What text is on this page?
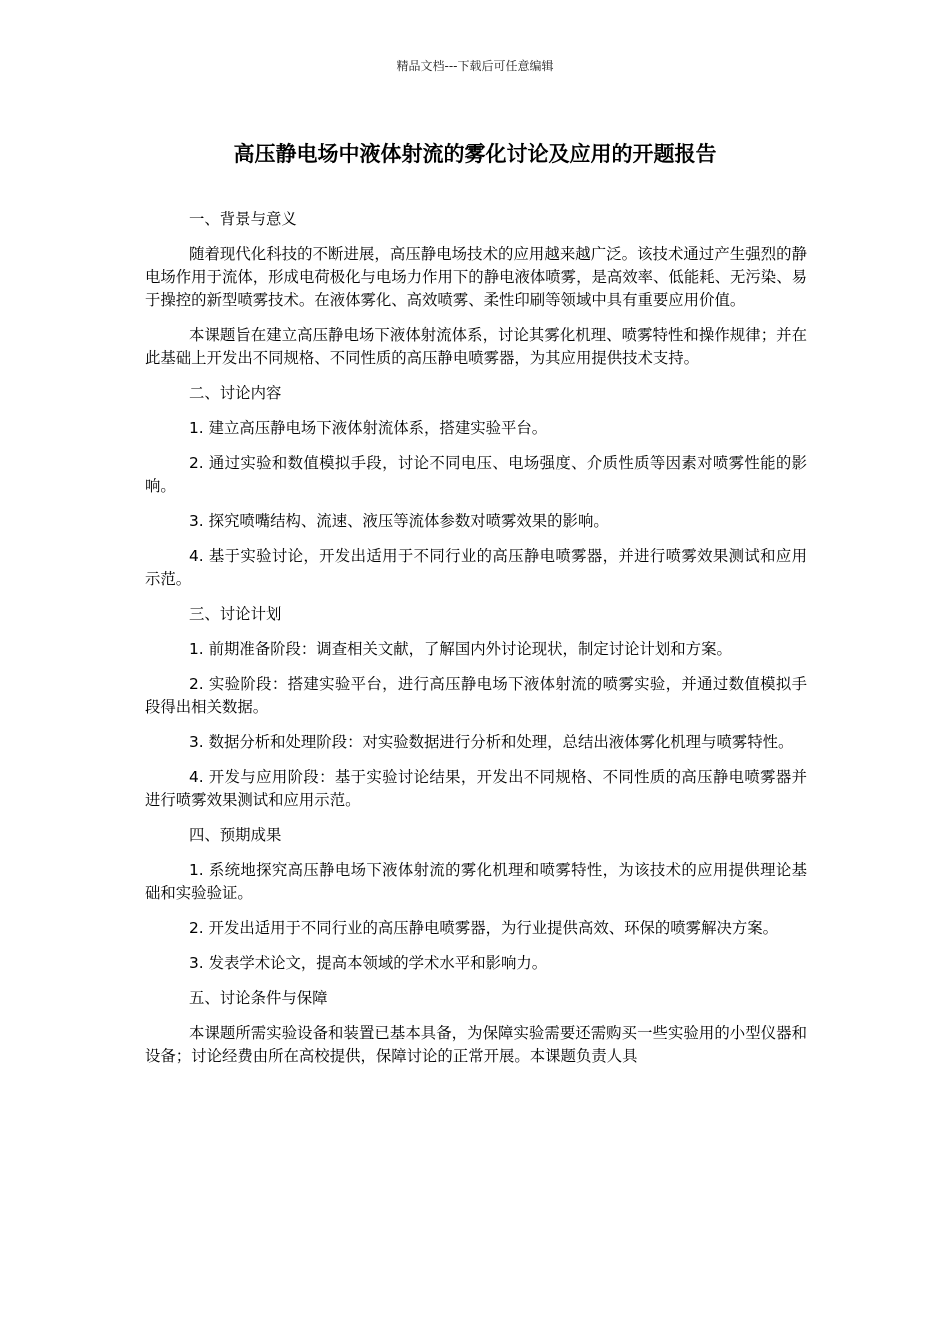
精品文档---下载后可任意编辑
高压静电场中液体射流的雾化讨论及应用的开题报告
一、背景与意义

随着现代化科技的不断进展，高压静电场技术的应用越来越广泛。该技术通过产生强烈的静电场作用于流体，形成电荷极化与电场力作用下的静电液体喷雾，是高效率、低能耗、无污染、易于操控的新型喷雾技术。在液体雾化、高效喷雾、柔性印刷等领域中具有重要应用价值。

本课题旨在建立高压静电场下液体射流体系，讨论其雾化机理、喷雾特性和操作规律；并在此基础上开发出不同规格、不同性质的高压静电喷雾器，为其应用提供技术支持。

二、讨论内容

1. 建立高压静电场下液体射流体系，搭建实验平台。

2. 通过实验和数值模拟手段，讨论不同电压、电场强度、介质性质等因素对喷雾性能的影响。

3. 探究喷嘴结构、流速、液压等流体参数对喷雾效果的影响。

4. 基于实验讨论，开发出适用于不同行业的高压静电喷雾器，并进行喷雾效果测试和应用示范。

三、讨论计划

1. 前期准备阶段：调查相关文献，了解国内外讨论现状，制定讨论计划和方案。

2. 实验阶段：搭建实验平台，进行高压静电场下液体射流的喷雾实验，并通过数值模拟手段得出相关数据。

3. 数据分析和处理阶段：对实验数据进行分析和处理，总结出液体雾化机理与喷雾特性。

4. 开发与应用阶段：基于实验讨论结果，开发出不同规格、不同性质的高压静电喷雾器并进行喷雾效果测试和应用示范。

四、预期成果

1. 系统地探究高压静电场下液体射流的雾化机理和喷雾特性，为该技术的应用提供理论基础和实验验证。

2. 开发出适用于不同行业的高压静电喷雾器，为行业提供高效、环保的喷雾解决方案。

3. 发表学术论文，提高本领域的学术水平和影响力。

五、讨论条件与保障

本课题所需实验设备和装置已基本具备，为保障实验需要还需购买一些实验用的小型仪器和设备；讨论经费由所在高校提供，保障讨论的正常开展。本课题负责人具
